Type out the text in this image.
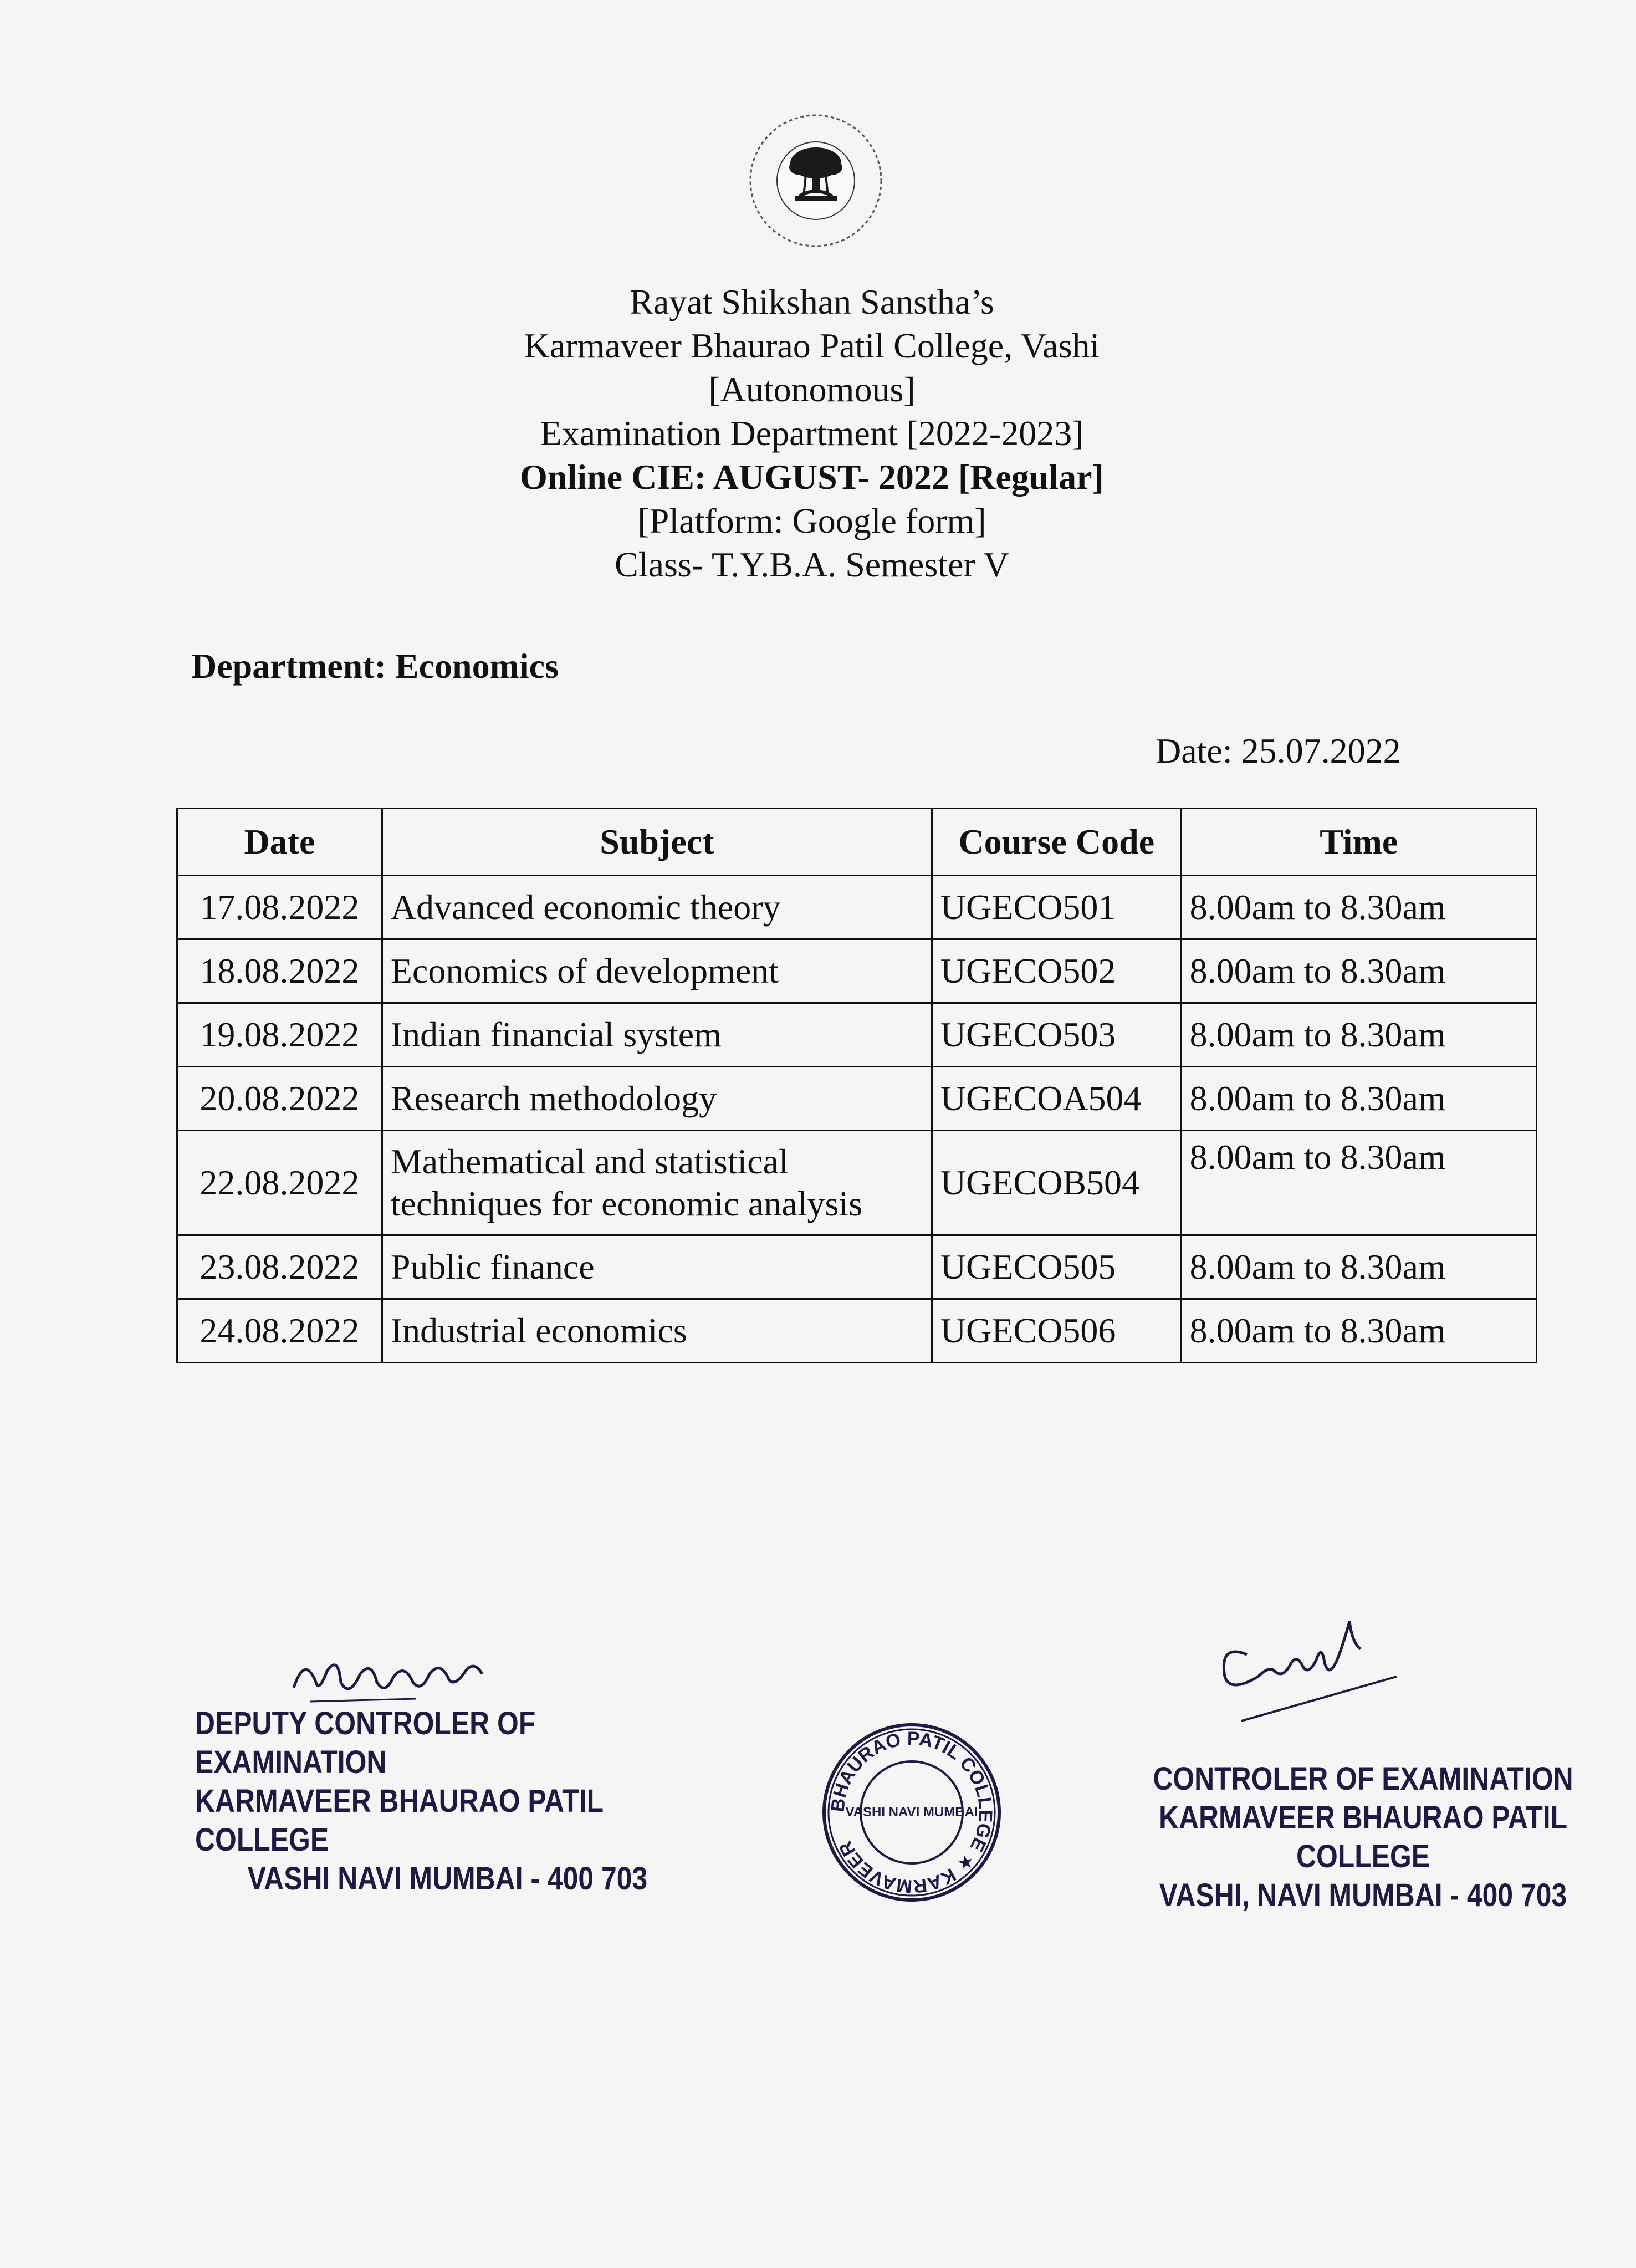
Rayat Shikshan Sanstha’s
Karmaveer Bhaurao Patil College, Vashi
[Autonomous]
Examination Department [2022-2023]
Online CIE: AUGUST- 2022 [Regular]
[Platform: Google form]
Class- T.Y.B.A. Semester V
Department: Economics
Date: 25.07.2022
Date	Subject	Course Code	Time
17.08.2022	Advanced economic theory	UGECO501	8.00am to 8.30am
18.08.2022	Economics of development	UGECO502	8.00am to 8.30am
19.08.2022	Indian financial system	UGECO503	8.00am to 8.30am
20.08.2022	Research methodology	UGECOA504	8.00am to 8.30am
22.08.2022	Mathematical and statistical techniques for economic analysis	UGECOB504	8.00am to 8.30am
23.08.2022	Public finance	UGECO505	8.00am to 8.30am
24.08.2022	Industrial economics	UGECO506	8.00am to 8.30am
DEPUTY CONTROLER OF EXAMINATION
KARMAVEER BHAURAO PATIL COLLEGE
VASHI NAVI MUMBAI - 400 703
BHAURAO PATIL COLLEGE ★ KARMAVEER
VASHI NAVI MUMBAI
CONTROLER OF EXAMINATION
KARMAVEER BHAURAO PATIL COLLEGE
VASHI, NAVI MUMBAI - 400 703
